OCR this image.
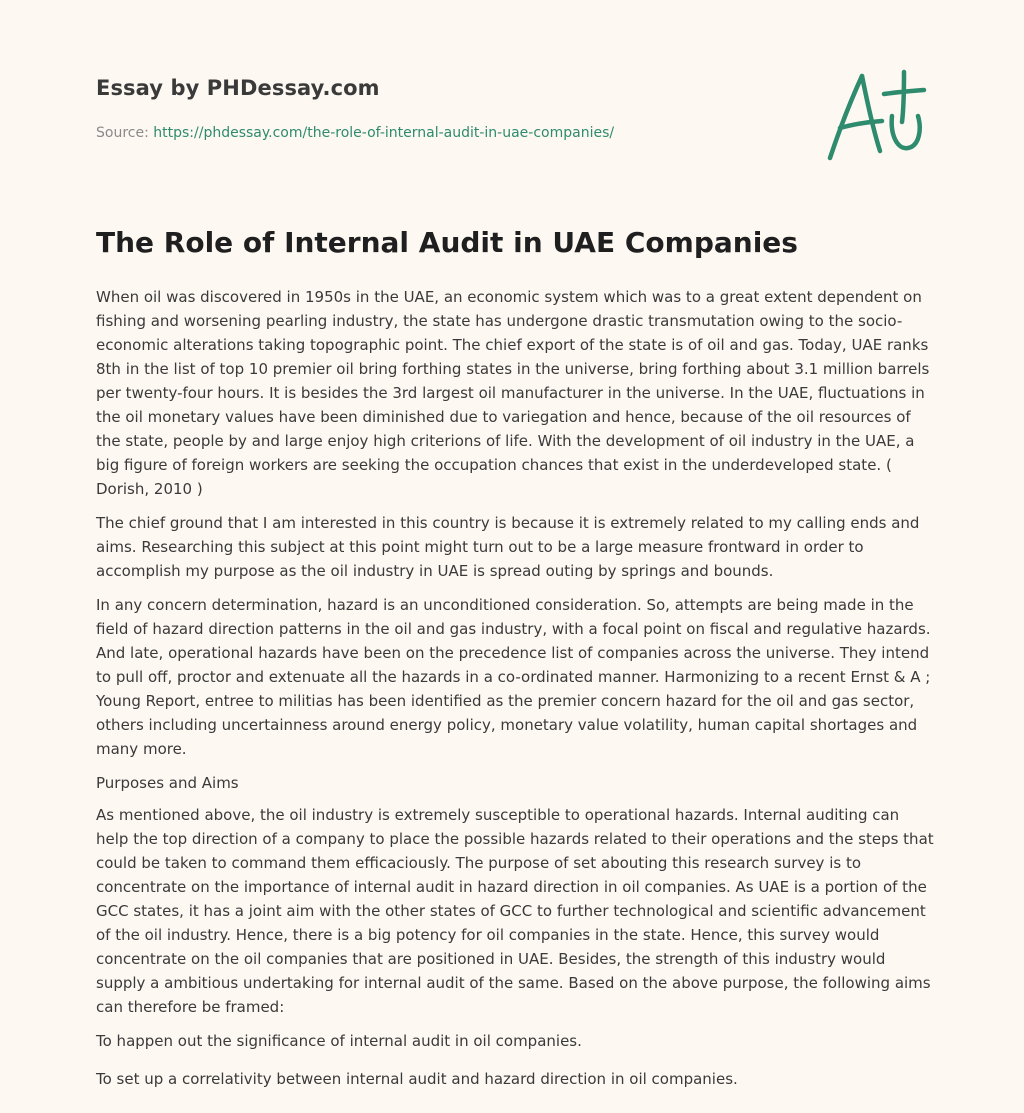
Essay by PHDessay.com
Source: https://phdessay.com/the-role-of-internal-audit-in-uae-companies/
The Role of Internal Audit in UAE Companies

When oil was discovered in 1950s in the UAE, an economic system which was to a great extent dependent on fishing and worsening pearling industry, the state has undergone drastic transmutation owing to the socio-economic alterations taking topographic point. The chief export of the state is of oil and gas. Today, UAE ranks 8th in the list of top 10 premier oil bring forthing states in the universe, bring forthing about 3.1 million barrels per twenty-four hours. It is besides the 3rd largest oil manufacturer in the universe. In the UAE, fluctuations in the oil monetary values have been diminished due to variegation and hence, because of the oil resources of the state, people by and large enjoy high criterions of life. With the development of oil industry in the UAE, a big figure of foreign workers are seeking the occupation chances that exist in the underdeveloped state. ( Dorish, 2010 )

The chief ground that I am interested in this country is because it is extremely related to my calling ends and aims. Researching this subject at this point might turn out to be a large measure frontward in order to accomplish my purpose as the oil industry in UAE is spread outing by springs and bounds.

In any concern determination, hazard is an unconditioned consideration. So, attempts are being made in the field of hazard direction patterns in the oil and gas industry, with a focal point on fiscal and regulative hazards. And late, operational hazards have been on the precedence list of companies across the universe. They intend to pull off, proctor and extenuate all the hazards in a co-ordinated manner. Harmonizing to a recent Ernst & A ; Young Report, entree to militias has been identified as the premier concern hazard for the oil and gas sector, others including uncertainness around energy policy, monetary value volatility, human capital shortages and many more.

Purposes and Aims

As mentioned above, the oil industry is extremely susceptible to operational hazards. Internal auditing can help the top direction of a company to place the possible hazards related to their operations and the steps that could be taken to command them efficaciously. The purpose of set abouting this research survey is to concentrate on the importance of internal audit in hazard direction in oil companies. As UAE is a portion of the GCC states, it has a joint aim with the other states of GCC to further technological and scientific advancement of the oil industry. Hence, there is a big potency for oil companies in the state. Hence, this survey would concentrate on the oil companies that are positioned in UAE. Besides, the strength of this industry would supply a ambitious undertaking for internal audit of the same. Based on the above purpose, the following aims can therefore be framed:

To happen out the significance of internal audit in oil companies.

To set up a correlativity between internal audit and hazard direction in oil companies.
